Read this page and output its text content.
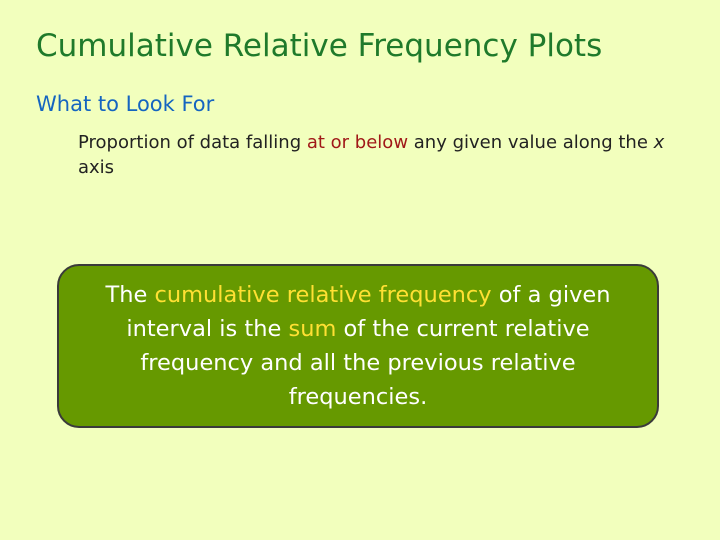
Cumulative Relative Frequency Plots
What to Look For
Proportion of data falling at or below any given value along the x axis

The cumulative relative frequency of a given interval is the sum of the current relative frequency and all the previous relative frequencies.
